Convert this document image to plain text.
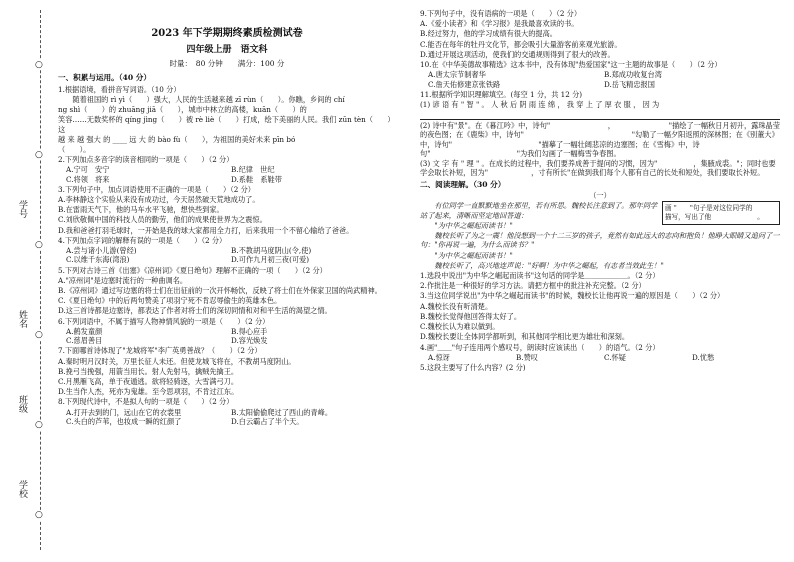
学号
姓名
班级
学校
○
○
○
○
○
○
2023 年下学期期终素质检测试卷
四年级上册　语文科
时量：　80 分钟　　满分：100 分
一、积累与运用。（40 分）
1.根据语境，看拼音写词语。（10 分）
　　随着祖国的 rì yì（　　）强大，人民的生活越来越 zī rùn（　　）。你瞧，乡间的 chí
ng shì（　　）的 zhuāng jiā（　　），城市中林立的高楼，kuān（　　）的
笑容……无数奖杯的 qíng jìng（　　）被 rè liè（　　）打成，绘下美丽的人民。我们 zūn tèn（　　）这
越 来 越 强大 的 ____ 远 大 的 bào fù（　　），为祖国的美好未来 pīn bó
（　　）。
2.下列加点多音字的读音相同的一项是（　　）（2 分）
A.宁可　安宁	B.纪律　世纪
C.将领　将来	D.系鞋　系鞋带
3.下列句子中，加点词语使用不正确的一项是（　　）（2 分）
A.李林静这个实验从来没有成功过，今天居然破天荒地成功了。
B.在雷雨天气下，他的马车水平飞驰，想快些到家。
C.刘欣敬佩中国的科技人员的勤劳，他们的成果使世界为之震惊。
D.我和爸爸打羽毛球时，一开始是我的球大家都用全力打，后来我用一个不留心输给了爸爸。
4.下列加点字词的解释有误的一项是（　　）（2 分）
A.尝与诸小儿游(曾经)	B.不教胡马度阴山(令,使)
C.以维千东海(湾浪)	D.可作九月初三夜(可爱)
5.下列对古诗三首《出塞》《凉州词》《夏日绝句》理解不正确的一项（　　）（2 分）
A."凉州词"是边塞时流行的一种曲调名。
B.《凉州词》通过写边塞的将士们在出征前的一次开怀畅饮，反映了将士们在外保家卫国的尚武精神。
C.《夏日绝句》中的后两句赞美了项羽宁死不肯忍辱偷生的英雄本色。
D.这三首诗都是边塞诗，都表达了作者对将士们的深切同情和对和平生活的渴望之情。
6.下列词语中，不属于描写人物神情风貌的一项是（　　）（2 分）
A.鹤发童颜	B.得心应手
C.慈眉善目	D.容光焕发
7.下面哪首诗体现了"龙城将军"李广英勇善战？（　　）（2 分）
A.秦时明月汉时关，万里长征人未还。但使龙城飞将在，不教胡马度阴山。
B.挽弓当挽强，用箭当用长。射人先射马，擒贼先擒王。
C.月黑雁飞高，单于夜遁逃。欲将轻骑逐，大雪满弓刀。
D.生当作人杰，死亦为鬼雄。至今思项羽，不肯过江东。
8.下列现代诗中，不是拟人句的一项是（　　）（2 分）
A.打开去到的门，远山在它的衣裳里	B.太阳偷偷爬过了西山的青峰。
C.头白的芦苇，也妆成一瞬的红颜了	D.白云霸占了半个天。
9.下列句子中，没有语病的一项是（　　）（2 分）
A.《爱小读者》和《学习报》是我最喜欢读的书。
B.经过努力，他的学习成绩有很大的提高。
C.能否在每年的牡丹文化节，都会吸引大量游客前来观光旅游。
D.通过开展这项活动，使我们的交通规则得到了很大的改善。
10.在《中华美德故事精选》这本书中，没有体现"热爱国家"这一主题的故事是（　　）（2 分）
A.唐太宗节制奢华	B.郑成功收复台湾
C.詹天佑修建京张铁路	D.岳飞精忠报国
11.根据所学知识理解填空。(每空 1 分，共 12 分)
(1) 谚 语 有 " 智 " 。 人 秋 后 阴 雨 连 绵 ， 我 穿 上 了 厚 衣 服 ， 因 为
(2) 诗中有"景"。在《暮江吟》中，诗句"　　　　　　　　，　　　　　　　　"描绘了一幅秋日月初升，露珠晶莹的夜色图；在《鹿柴》中，诗句"　　　　　　　　　　　　　　　"勾勒了一幅夕阳返照的深林图；在《别董大》中，诗句"　　　　　　　　　　　　"描摹了一幅壮阔悲凉的边塞图；在《雪梅》中，诗句"　　　　　　　　　　　　"为我们勾画了一幅梅雪争春图。
(3) 文 字 有 " 理 " 。在成长的过程中，我们要养成善于提问的习惯，因为"　　　　　，集腋成裘。"；同时也要学会取长补短，因为"　　　　　　，寸有所长"在做到我们每个人都有自己的长处和短处，我们要取长补短。
二、阅读理解。（30 分）
（一）
　　有位同学一直默默地坐在那里，若有所思。魏校长注意到了。那年同学站了起来，清晰而坚定地回答道：
　　"为中华之崛起而读书！"
画 "　　"句子是对这位同学的　　　描写，写出了他　　　　　　　。
　　魏校长听了为之一震！他没想到一个十二三岁的孩子，竟然有如此远大的志向和抱负！他睁大眼睛又追问了一句："你再说一遍，为什么而读书？"
　　"为中华之崛起而读书！"
　　魏校长听了，高兴地连声说："好啊！为中华之崛起，有志者当效此生！"
1.选段中说出"为中华之崛起而读书"这句话的同学是＿＿＿＿＿＿。（2 分）
2.作批注是一种很好的学习方法。请把方框中的批注补充完整。（2 分）
3.当这位同学说出"为中华之崛起而读书"的时候，魏校长让他再说一遍的原因是（　　）（2 分）
A.魏校长没有听清楚。
B.魏校长觉得他回答得太好了。
C.魏校长认为难以做到。
D.魏校长要让全体同学都听到，和其他同学相比更为雄壮和深刻。
4.画"＿＿"句子连用两个感叹号，朗读时应该读出（　　）的语气。（2 分）
A.惊讶	B.赞叹	C.怀疑	D.忧愁
5.这段主要写了什么内容？(2 分)
